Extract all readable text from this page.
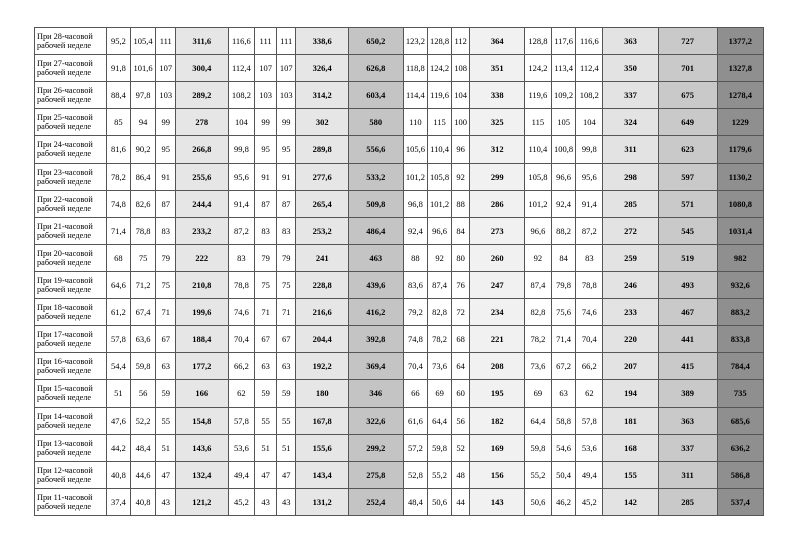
При 28-часовой рабочей неделе	95,2	105,4	111	311,6	116,6	111	111	338,6	650,2	123,2	128,8	112	364	128,8	117,6	116,6	363	727	1377,2
При 27-часовой рабочей неделе	91,8	101,6	107	300,4	112,4	107	107	326,4	626,8	118,8	124,2	108	351	124,2	113,4	112,4	350	701	1327,8
При 26-часовой рабочей неделе	88,4	97,8	103	289,2	108,2	103	103	314,2	603,4	114,4	119,6	104	338	119,6	109,2	108,2	337	675	1278,4
При 25-часовой рабочей неделе	85	94	99	278	104	99	99	302	580	110	115	100	325	115	105	104	324	649	1229
При 24-часовой рабочей неделе	81,6	90,2	95	266,8	99,8	95	95	289,8	556,6	105,6	110,4	96	312	110,4	100,8	99,8	311	623	1179,6
При 23-часовой рабочей неделе	78,2	86,4	91	255,6	95,6	91	91	277,6	533,2	101,2	105,8	92	299	105,8	96,6	95,6	298	597	1130,2
При 22-часовой рабочей неделе	74,8	82,6	87	244,4	91,4	87	87	265,4	509,8	96,8	101,2	88	286	101,2	92,4	91,4	285	571	1080,8
При 21-часовой рабочей неделе	71,4	78,8	83	233,2	87,2	83	83	253,2	486,4	92,4	96,6	84	273	96,6	88,2	87,2	272	545	1031,4
При 20-часовой рабочей неделе	68	75	79	222	83	79	79	241	463	88	92	80	260	92	84	83	259	519	982
При 19-часовой рабочей неделе	64,6	71,2	75	210,8	78,8	75	75	228,8	439,6	83,6	87,4	76	247	87,4	79,8	78,8	246	493	932,6
При 18-часовой рабочей неделе	61,2	67,4	71	199,6	74,6	71	71	216,6	416,2	79,2	82,8	72	234	82,8	75,6	74,6	233	467	883,2
При 17-часовой рабочей неделе	57,8	63,6	67	188,4	70,4	67	67	204,4	392,8	74,8	78,2	68	221	78,2	71,4	70,4	220	441	833,8
При 16-часовой рабочей неделе	54,4	59,8	63	177,2	66,2	63	63	192,2	369,4	70,4	73,6	64	208	73,6	67,2	66,2	207	415	784,4
При 15-часовой рабочей неделе	51	56	59	166	62	59	59	180	346	66	69	60	195	69	63	62	194	389	735
При 14-часовой рабочей неделе	47,6	52,2	55	154,8	57,8	55	55	167,8	322,6	61,6	64,4	56	182	64,4	58,8	57,8	181	363	685,6
При 13-часовой рабочей неделе	44,2	48,4	51	143,6	53,6	51	51	155,6	299,2	57,2	59,8	52	169	59,8	54,6	53,6	168	337	636,2
При 12-часовой рабочей неделе	40,8	44,6	47	132,4	49,4	47	47	143,4	275,8	52,8	55,2	48	156	55,2	50,4	49,4	155	311	586,8
При 11-часовой рабочей неделе	37,4	40,8	43	121,2	45,2	43	43	131,2	252,4	48,4	50,6	44	143	50,6	46,2	45,2	142	285	537,4
